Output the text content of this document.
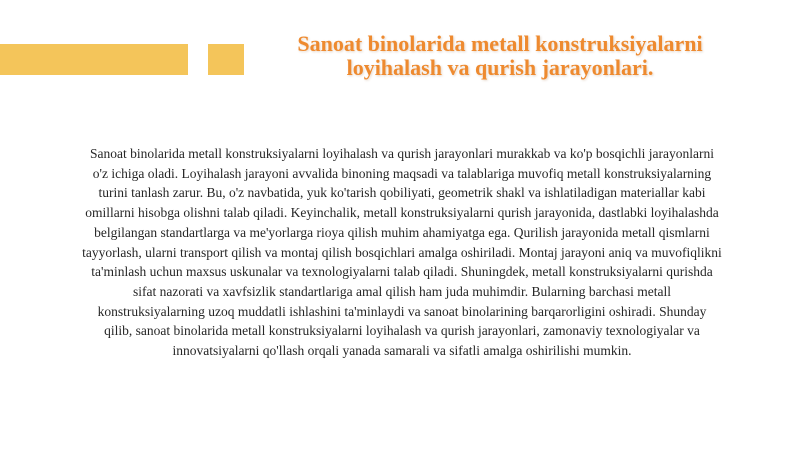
Sanoat binolarida metall konstruksiyalarni loyihalash va qurish jarayonlari.

Sanoat binolarida metall konstruksiyalarni loyihalash va qurish jarayonlari murakkab va ko'p bosqichli jarayonlarni o'z ichiga oladi. Loyihalash jarayoni avvalida binoning maqsadi va talablariga muvofiq metall konstruksiyalarning turini tanlash zarur. Bu, o'z navbatida, yuk ko'tarish qobiliyati, geometrik shakl va ishlatiladigan materiallar kabi omillarni hisobga olishni talab qiladi. Keyinchalik, metall konstruksiyalarni qurish jarayonida, dastlabki loyihalashda belgilangan standartlarga va me'yorlarga rioya qilish muhim ahamiyatga ega. Qurilish jarayonida metall qismlarni tayyorlash, ularni transport qilish va montaj qilish bosqichlari amalga oshiriladi. Montaj jarayoni aniq va muvofiqlikni ta'minlash uchun maxsus uskunalar va texnologiyalarni talab qiladi. Shuningdek, metall konstruksiyalarni qurishda sifat nazorati va xavfsizlik standartlariga amal qilish ham juda muhimdir. Bularning barchasi metall konstruksiyalarning uzoq muddatli ishlashini ta'minlaydi va sanoat binolarining barqarorligini oshiradi. Shunday qilib, sanoat binolarida metall konstruksiyalarni loyihalash va qurish jarayonlari, zamonaviy texnologiyalar va innovatsiyalarni qo'llash orqali yanada samarali va sifatli amalga oshirilishi mumkin.
